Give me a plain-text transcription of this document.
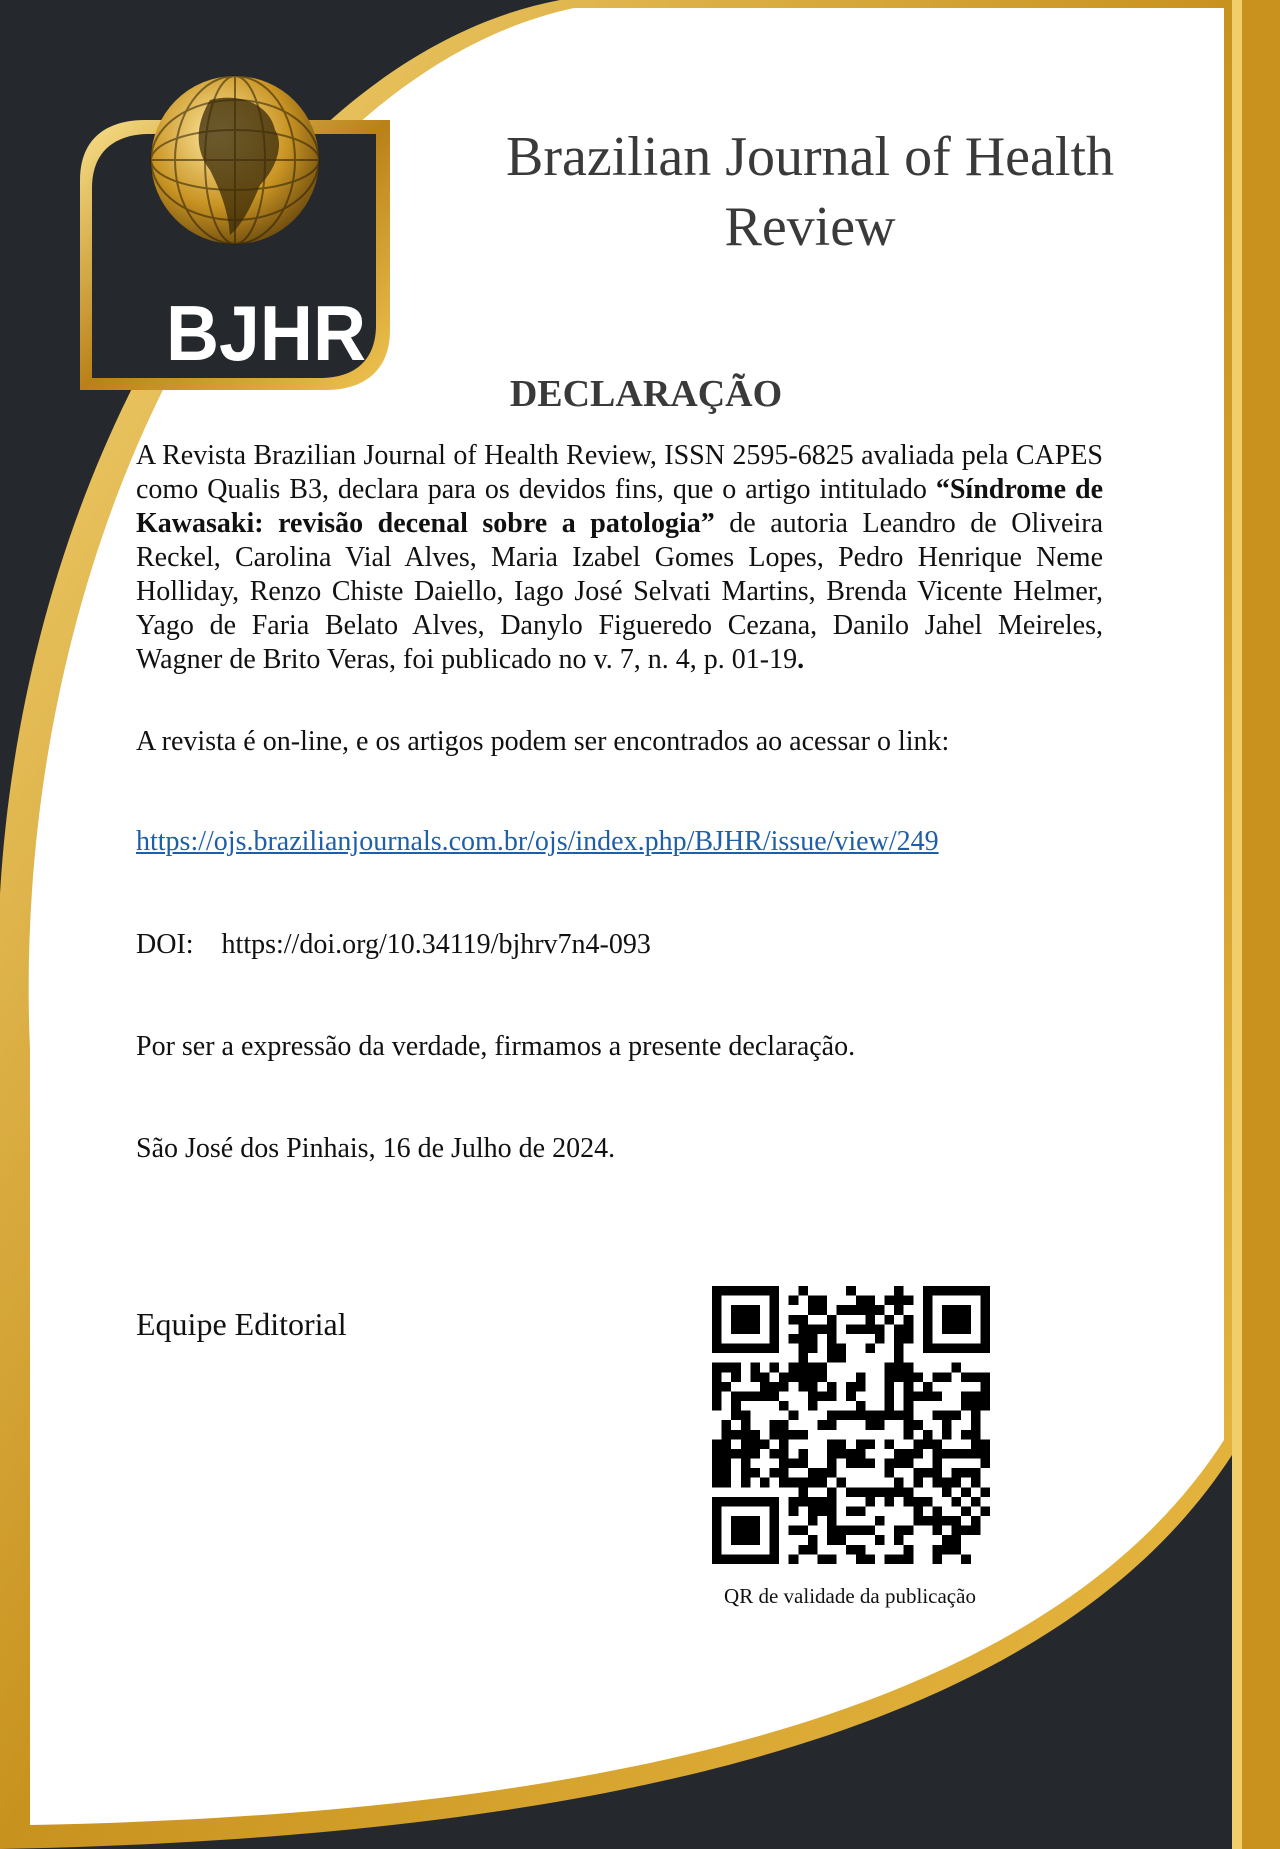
BJHR
Brazilian Journal of Health Review
DECLARAÇÃO

A Revista Brazilian Journal of Health Review, ISSN 2595-6825 avaliada pela CAPES como Qualis B3, declara para os devidos fins, que o artigo intitulado “Síndrome de Kawasaki: revisão decenal sobre a patologia” de autoria Leandro de Oliveira Reckel, Carolina Vial Alves, Maria Izabel Gomes Lopes, Pedro Henrique Neme Holliday, Renzo Chiste Daiello, Iago José Selvati Martins, Brenda Vicente Helmer, Yago de Faria Belato Alves, Danylo Figueredo Cezana, Danilo Jahel Meireles, Wagner de Brito Veras, foi publicado no v. 7, n. 4, p. 01-19.

A revista é on-line, e os artigos podem ser encontrados ao acessar o link:

https://ojs.brazilianjournals.com.br/ojs/index.php/BJHR/issue/view/249

DOI: https://doi.org/10.34119/bjhrv7n4-093

Por ser a expressão da verdade, firmamos a presente declaração.

São José dos Pinhais, 16 de Julho de 2024.

Equipe Editorial

QR de validade da publicação
